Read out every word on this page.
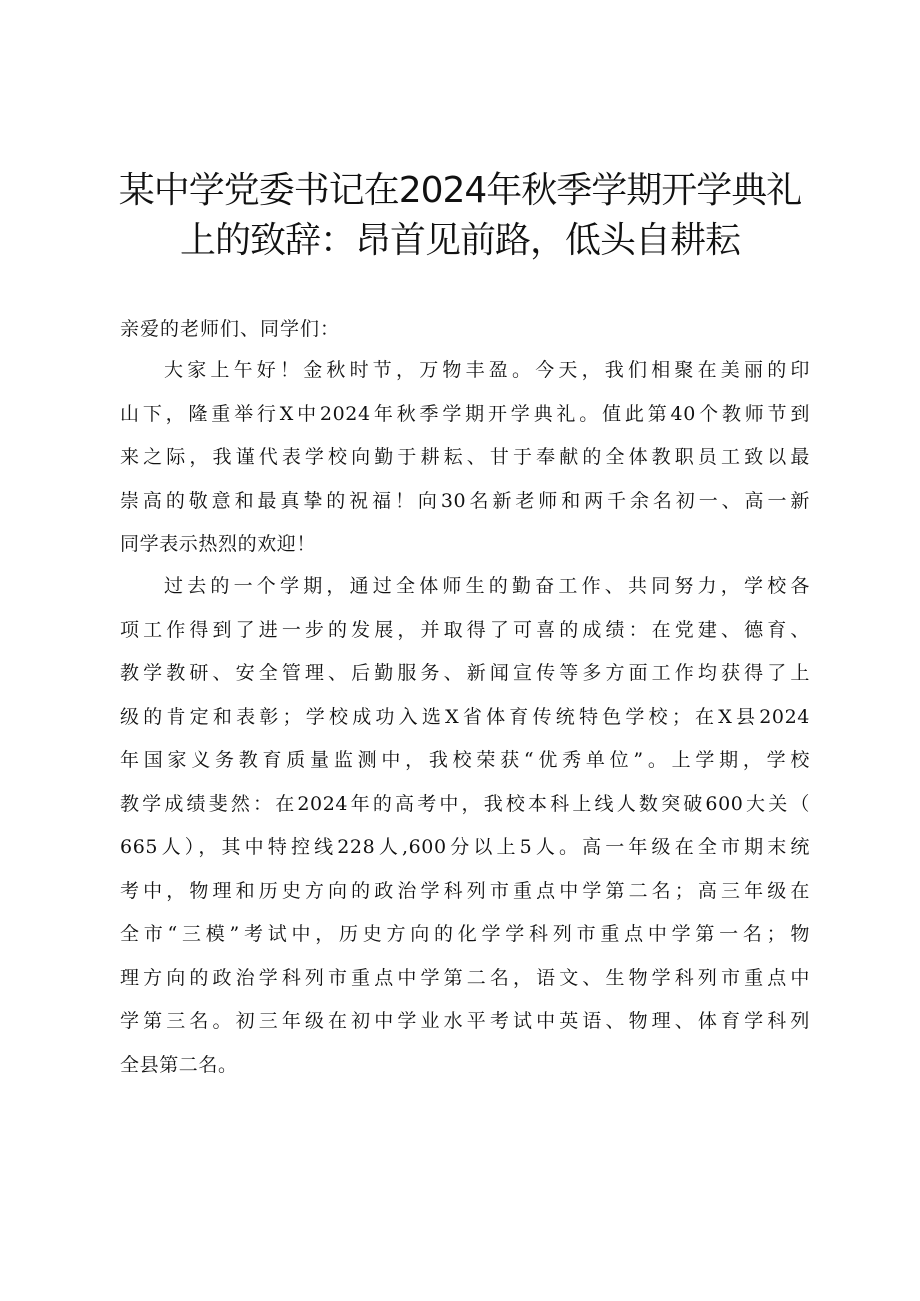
某中学党委书记在2024年秋季学期开学典礼
上的致辞：昂首见前路，低头自耕耘
亲爱的老师们、同学们：
大家上午好！金秋时节，万物丰盈。今天，我们相聚在美丽的印
山下，隆重举行X中2024年秋季学期开学典礼。值此第40个教师节到
来之际，我谨代表学校向勤于耕耘、甘于奉献的全体教职员工致以最
崇高的敬意和最真挚的祝福！向30名新老师和两千余名初一、高一新
同学表示热烈的欢迎！
过去的一个学期，通过全体师生的勤奋工作、共同努力，学校各
项工作得到了进一步的发展，并取得了可喜的成绩：在党建、德育、
教学教研、安全管理、后勤服务、新闻宣传等多方面工作均获得了上
级的肯定和表彰；学校成功入选X省体育传统特色学校；在X县2024
年国家义务教育质量监测中，我校荣获“优秀单位”。上学期，学校
教学成绩斐然：在2024年的高考中，我校本科上线人数突破600大关（
665人），其中特控线228人,600分以上5人。高一年级在全市期末统
考中，物理和历史方向的政治学科列市重点中学第二名；高三年级在
全市“三模”考试中，历史方向的化学学科列市重点中学第一名；物
理方向的政治学科列市重点中学第二名，语文、生物学科列市重点中
学第三名。初三年级在初中学业水平考试中英语、物理、体育学科列
全县第二名。
